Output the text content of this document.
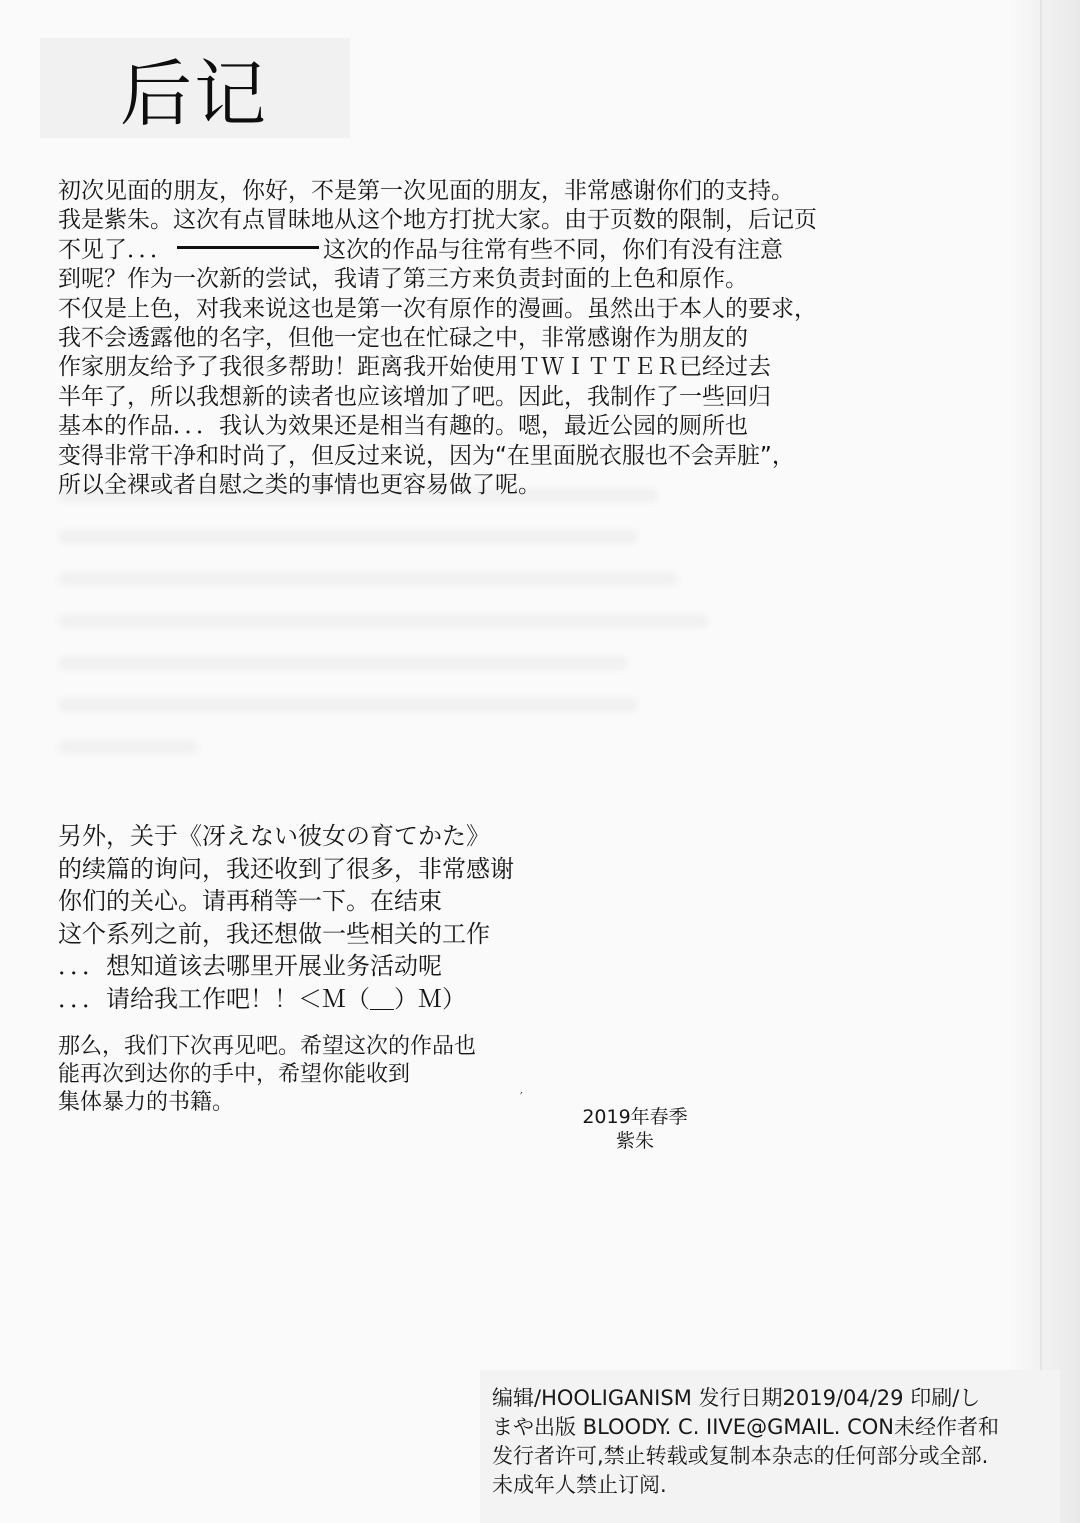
后记
初次见面的朋友，你好，不是第一次见面的朋友，非常感谢你们的支持。
我是紫朱。这次有点冒昧地从这个地方打扰大家。由于页数的限制，后记页
不见了．．．	这次的作品与往常有些不同，你们有没有注意
到呢？作为一次新的尝试，我请了第三方来负责封面的上色和原作。
不仅是上色，对我来说这也是第一次有原作的漫画。虽然出于本人的要求，
我不会透露他的名字，但他一定也在忙碌之中，非常感谢作为朋友的
作家朋友给予了我很多帮助！距离我开始使用ＴＷＩＴＴＥＲ已经过去
半年了，所以我想新的读者也应该增加了吧。因此，我制作了一些回归
基本的作品．．．我认为效果还是相当有趣的。嗯，最近公园的厕所也
变得非常干净和时尚了，但反过来说，因为“在里面脱衣服也不会弄脏”，
所以全裸或者自慰之类的事情也更容易做了呢。
另外，关于《冴えない彼女の育てかた》
的续篇的询问，我还收到了很多，非常感谢
你们的关心。请再稍等一下。在结束
这个系列之前，我还想做一些相关的工作
．．．想知道该去哪里开展业务活动呢
．．．请给我工作吧！！＜Ｍ（＿）Ｍ）
那么，我们下次再见吧。希望这次的作品也
能再次到达你的手中，希望你能收到
集体暴力的书籍。	′
2019年春季
紫朱
编辑/HOOLIGANISM 发行日期2019/04/29 印刷/し
まや出版 BLOODY. C. IIVE@GMAIL. CON未经作者和
发行者许可,禁止转载或复制本杂志的任何部分或全部.
未成年人禁止订阅.
